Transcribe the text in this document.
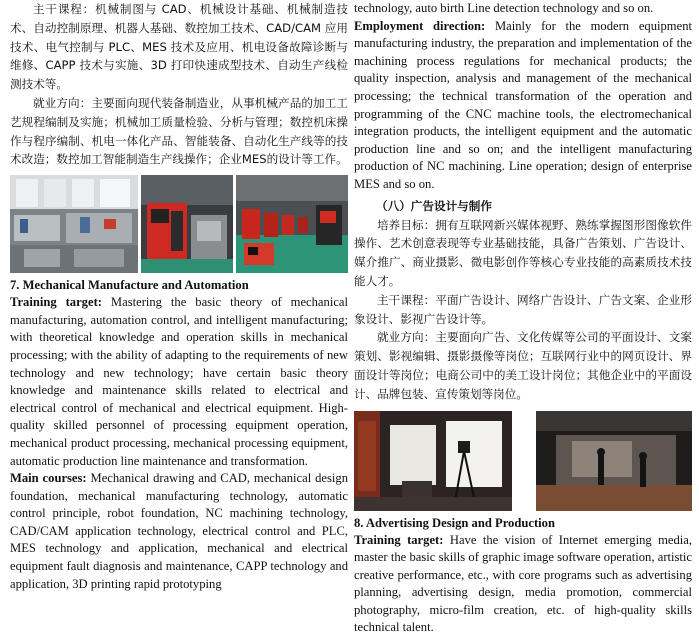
主干课程：机械制图与 CAD、机械设计基础、机械制造技术、自动控制原理、机器人基础、数控加工技术、CAD/CAM 应用技术、电气控制与 PLC、MES 技术及应用、机电设备故障诊断与维修、CAPP 技术与实施、3D 打印快速成型技术、自动生产线检测技术等。

就业方向：主要面向现代装备制造业，从事机械产品的加工工艺规程编制及实施；机械加工质量检验、分析与管理；数控机床操作与程序编制、机电一体化产品、智能装备、自动化生产线等的技术改造；数控加工智能制造生产线操作；企业MES的设计等工作。

7. Mechanical Manufacture and Automation

Training target: Mastering the basic theory of mechanical manufacturing, automation control, and intelligent manufacturing; with theoretical knowledge and operation skills in mechanical processing; with the ability of adapting to the requirements of new technology and new technology; have certain basic theory knowledge and maintenance skills related to electrical and electrical control of mechanical and electrical equipment. High-quality skilled personnel of processing equipment operation, mechanical product processing, mechanical processing equipment, automatic production line maintenance and transformation.

Main courses: Mechanical drawing and CAD, mechanical design foundation, mechanical manufacturing technology, automatic control principle, robot foundation, NC machining technology, CAD/CAM application technology, electrical control and PLC, MES technology and application, mechanical and electrical equipment fault diagnosis and maintenance, CAPP technology and application, 3D printing rapid prototyping

technology, auto birth Line detection technology and so on.

Employment direction: Mainly for the modern equipment manufacturing industry, the preparation and implementation of the machining process regulations for mechanical products; the quality inspection, analysis and management of the mechanical processing; the technical transformation of the operation and programming of the CNC machine tools, the electromechanical integration products, the intelligent equipment and the automatic production line and so on; and the intelligent manufacturing production of NC machining. Line operation; design of enterprise MES and so on.

（八）广告设计与制作

培养目标：拥有互联网新兴媒体视野、熟练掌握图形图像软件操作、艺术创意表现等专业基础技能，具备广告策划、广告设计、媒介推广、商业摄影、微电影创作等核心专业技能的高素质技术技能人才。

主干课程：平面广告设计、网络广告设计、广告文案、企业形象设计、影视广告设计等。

就业方向：主要面向广告、文化传媒等公司的平面设计、文案策划、影视编辑、摄影摄像等岗位；互联网行业中的网页设计、界面设计等岗位；电商公司中的美工设计岗位；其他企业中的平面设计、品牌包装、宣传策划等岗位。

8. Advertising Design and Production

Training target: Have the vision of Internet emerging media, master the basic skills of graphic image software operation, artistic creative performance, etc., with core programs such as advertising planning, advertising design, media promotion, commercial photography, micro-film creation, etc. of high-quality skills technical talent.
